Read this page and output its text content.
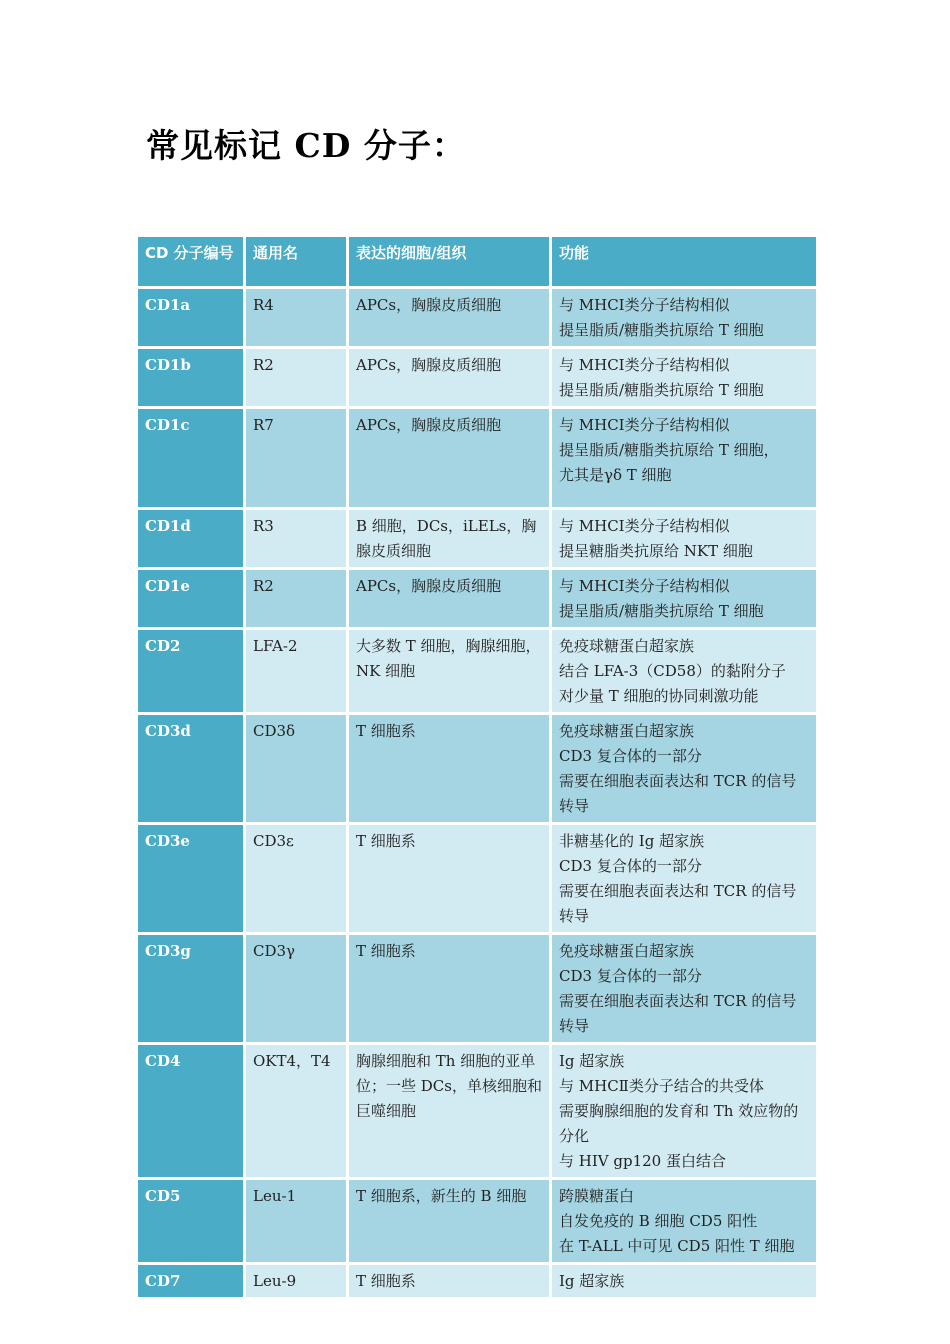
常见标记 CD 分子：
CD 分子编号	通用名	表达的细胞/组织	功能
CD1a	R4	APCs，胸腺皮质细胞	与 MHCⅠ类分子结构相似
提呈脂质/糖脂类抗原给 T 细胞

CD1b	R2	APCs，胸腺皮质细胞	与 MHCⅠ类分子结构相似
提呈脂质/糖脂类抗原给 T 细胞

CD1c	R7	APCs，胸腺皮质细胞	与 MHCⅠ类分子结构相似
提呈脂质/糖脂类抗原给 T 细胞，
尤其是γδ T 细胞

CD1d	R3	B 细胞，DCs，iLELs，胸腺皮质细胞	与 MHCⅠ类分子结构相似
提呈糖脂类抗原给 NKT 细胞

CD1e	R2	APCs，胸腺皮质细胞	与 MHCⅠ类分子结构相似
提呈脂质/糖脂类抗原给 T 细胞

CD2	LFA-2	大多数 T 细胞，胸腺细胞，NK 细胞	免疫球糖蛋白超家族
结合 LFA-3（CD58）的黏附分子
对少量 T 细胞的协同刺激功能

CD3d	CD3δ	T 细胞系	免疫球糖蛋白超家族
CD3 复合体的一部分
需要在细胞表面表达和 TCR 的信号转导

CD3e	CD3ε	T 细胞系	非糖基化的 Ig 超家族
CD3 复合体的一部分
需要在细胞表面表达和 TCR 的信号转导

CD3g	CD3γ	T 细胞系	免疫球糖蛋白超家族
CD3 复合体的一部分
需要在细胞表面表达和 TCR 的信号转导

CD4	OKT4，T4	胸腺细胞和 Th 细胞的亚单位；一些 DCs，单核细胞和巨噬细胞	Ig 超家族
与 MHCⅡ类分子结合的共受体
需要胸腺细胞的发育和 Th 效应物的分化
与 HIV gp120 蛋白结合

CD5	Leu-1	T 细胞系，新生的 B 细胞	跨膜糖蛋白
自发免疫的 B 细胞 CD5 阳性
在 T-ALL 中可见 CD5 阳性 T 细胞

CD7	Leu-9	T 细胞系	Ig 超家族
